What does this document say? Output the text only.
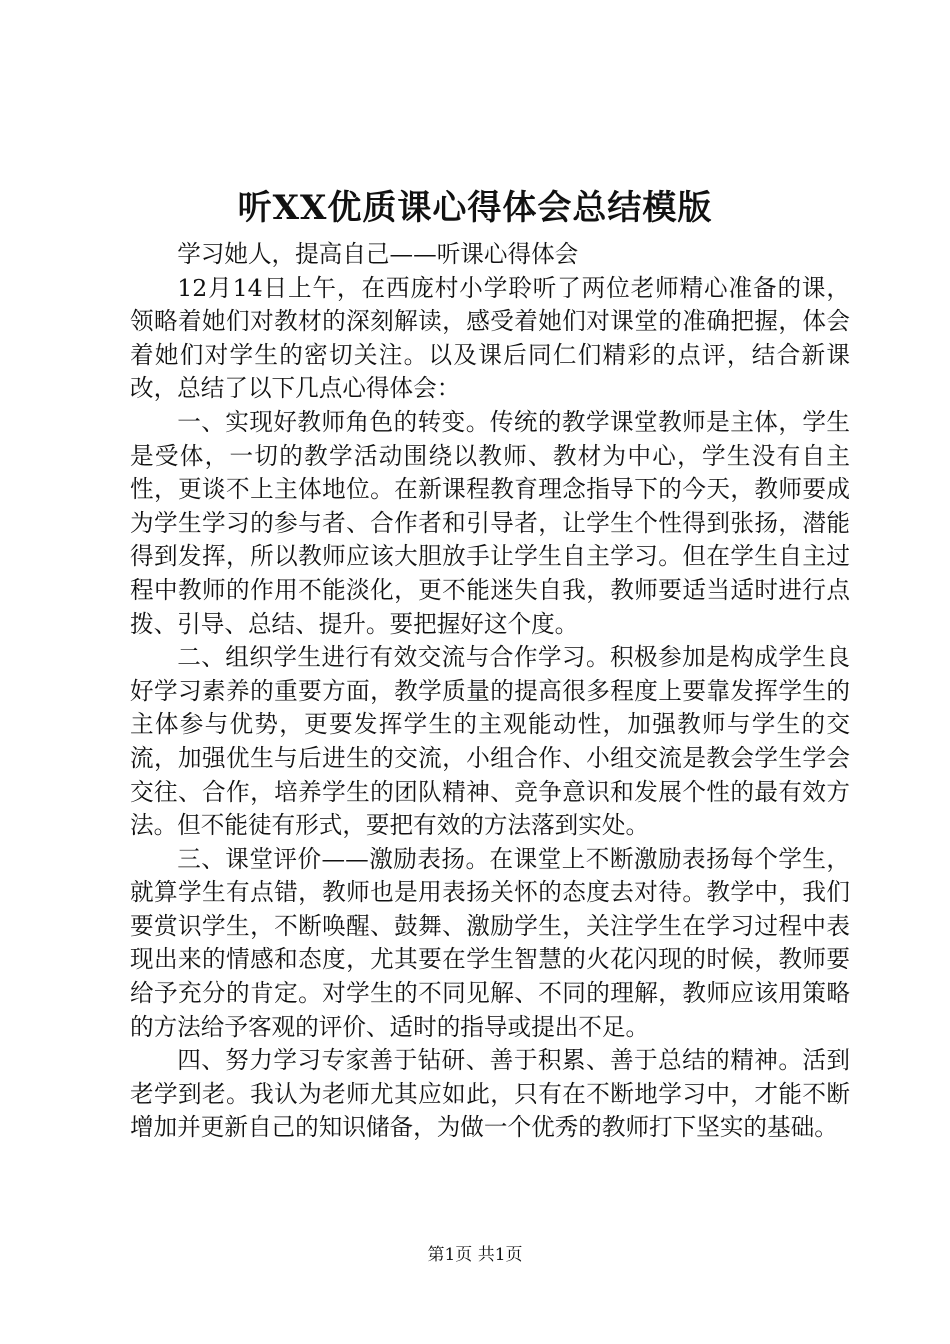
听XX优质课心得体会总结模版

学习她人，提高自己——听课心得体会

12月14日上午，在西庞村小学聆听了两位老师精心准备的课，领略着她们对教材的深刻解读，感受着她们对课堂的准确把握，体会着她们对学生的密切关注。以及课后同仁们精彩的点评，结合新课改，总结了以下几点心得体会：

一、实现好教师角色的转变。传统的教学课堂教师是主体，学生是受体，一切的教学活动围绕以教师、教材为中心，学生没有自主性，更谈不上主体地位。在新课程教育理念指导下的今天，教师要成为学生学习的参与者、合作者和引导者，让学生个性得到张扬，潜能得到发挥，所以教师应该大胆放手让学生自主学习。但在学生自主过程中教师的作用不能淡化，更不能迷失自我，教师要适当适时进行点拨、引导、总结、提升。要把握好这个度。

二、组织学生进行有效交流与合作学习。积极参加是构成学生良好学习素养的重要方面，教学质量的提高很多程度上要靠发挥学生的主体参与优势，更要发挥学生的主观能动性，加强教师与学生的交流，加强优生与后进生的交流，小组合作、小组交流是教会学生学会交往、合作，培养学生的团队精神、竞争意识和发展个性的最有效方法。但不能徒有形式，要把有效的方法落到实处。

三、课堂评价——激励表扬。在课堂上不断激励表扬每个学生，就算学生有点错，教师也是用表扬关怀的态度去对待。教学中，我们要赏识学生，不断唤醒、鼓舞、激励学生，关注学生在学习过程中表现出来的情感和态度，尤其要在学生智慧的火花闪现的时候，教师要给予充分的肯定。对学生的不同见解、不同的理解，教师应该用策略的方法给予客观的评价、适时的指导或提出不足。

四、努力学习专家善于钻研、善于积累、善于总结的精神。活到老学到老。我认为老师尤其应如此，只有在不断地学习中，才能不断增加并更新自己的知识储备，为做一个优秀的教师打下坚实的基础。

第1页 共1页
